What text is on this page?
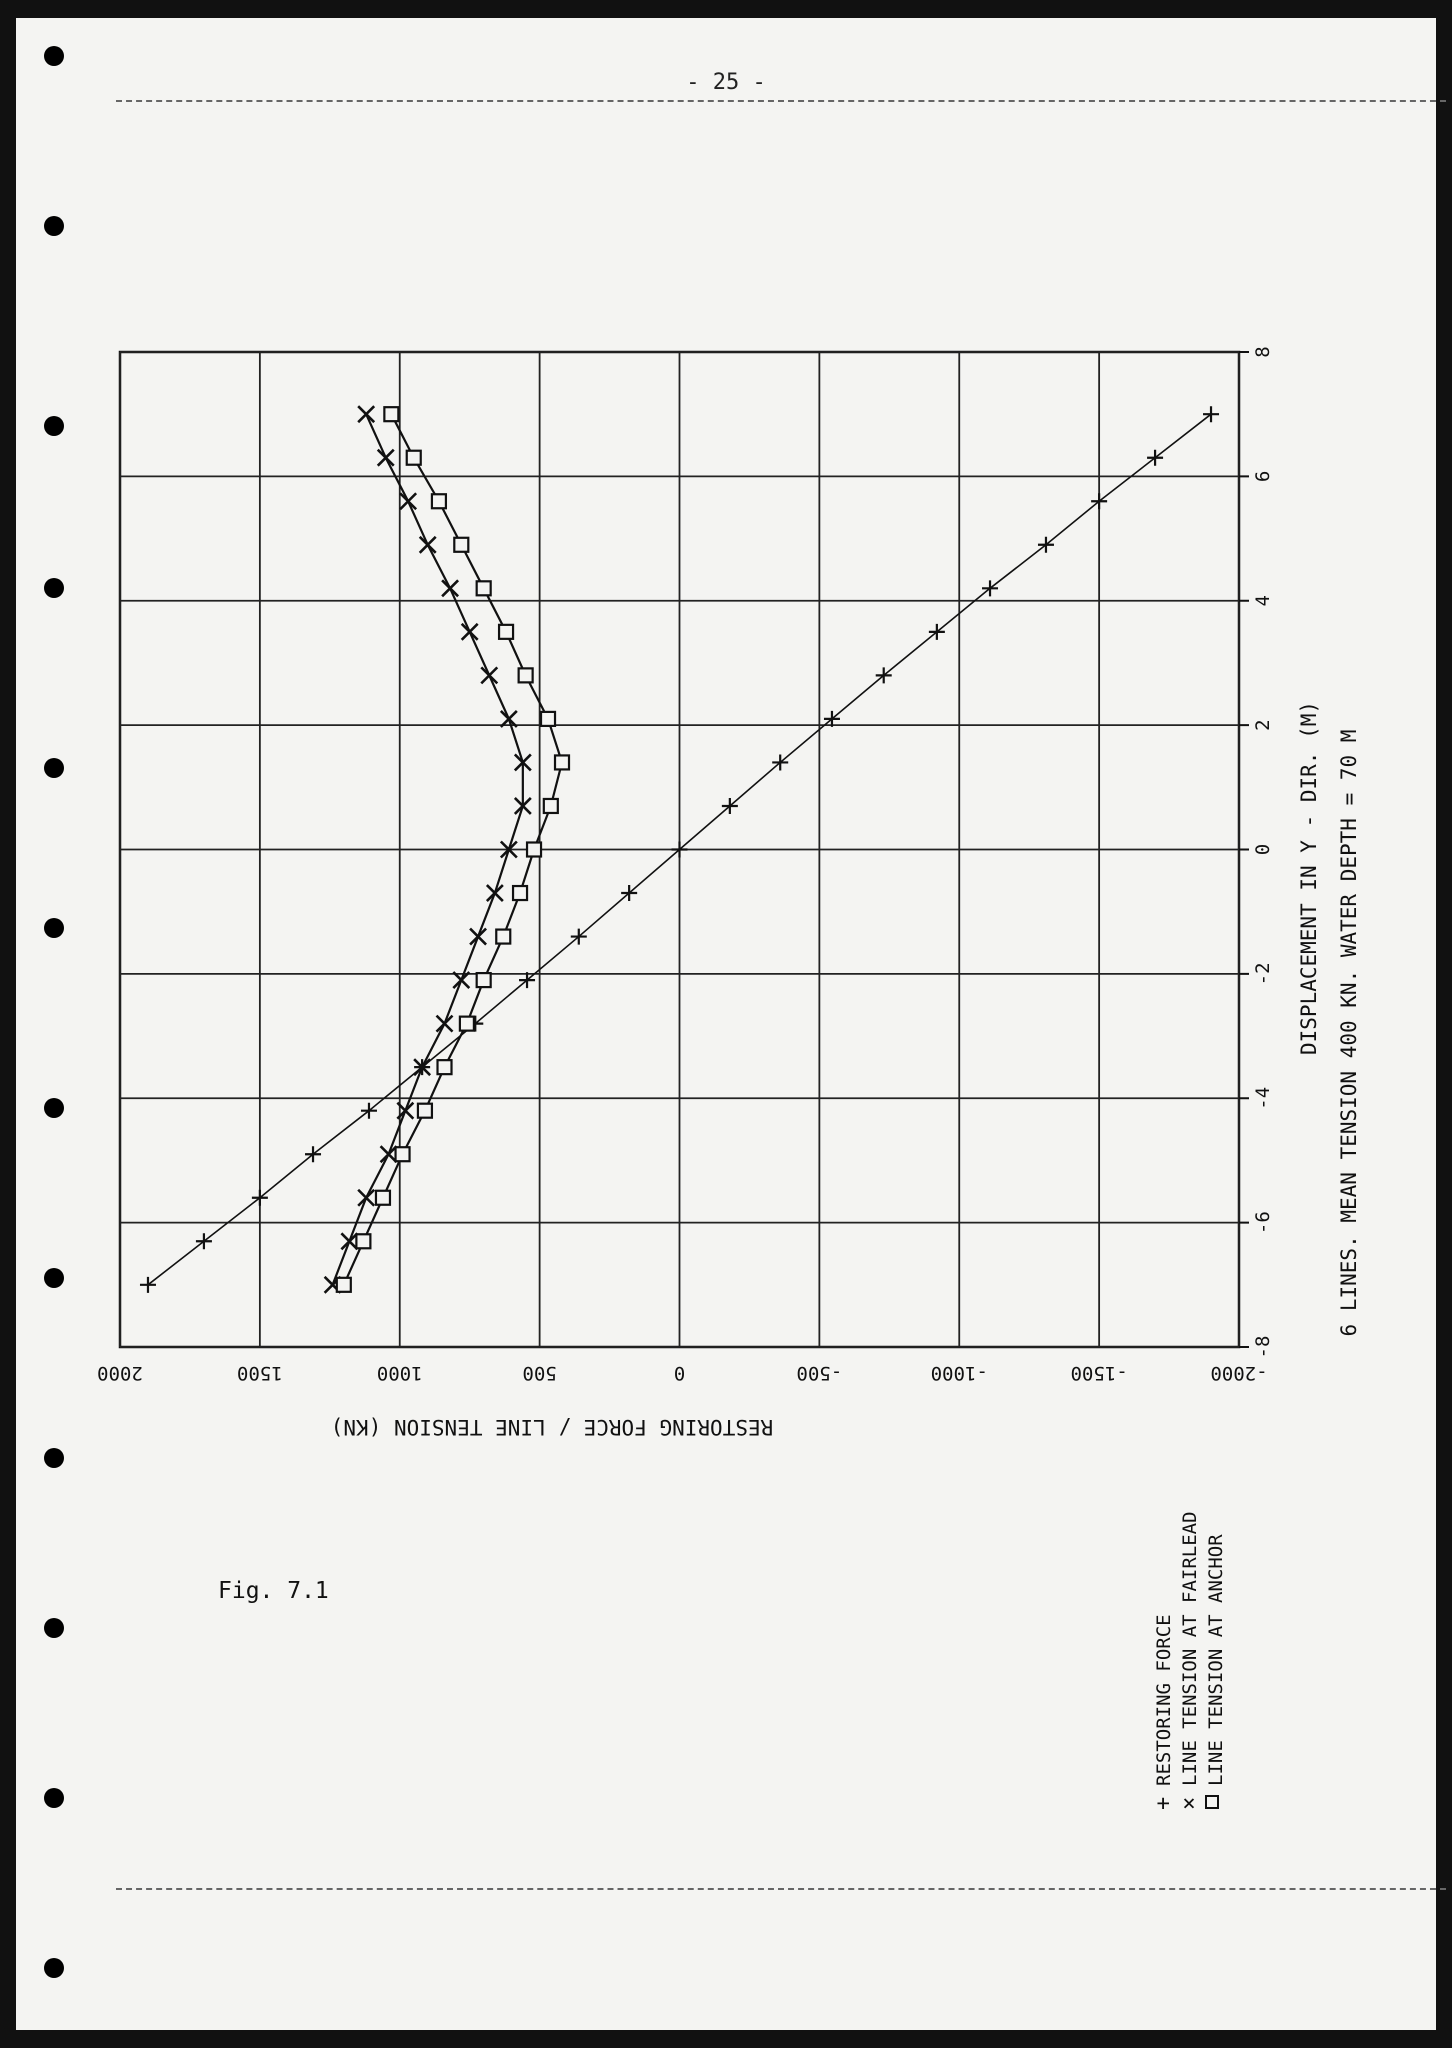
- 25 -
2000	1500	1000	500	0	-500	-1000	-1500	-2000
-8
-6
-4
-2
0
2
4
6
8
DISPLACEMENT IN Y - DIR. (M) 6 LINES. MEAN TENSION 400 KN. WATER DEPTH = 70 M
RESTORING FORCE / LINE TENSION (KN)
Fig. 7.1
+
RESTORING FORCE
×
LINE TENSION AT FAIRLEAD LINE TENSION AT ANCHOR
